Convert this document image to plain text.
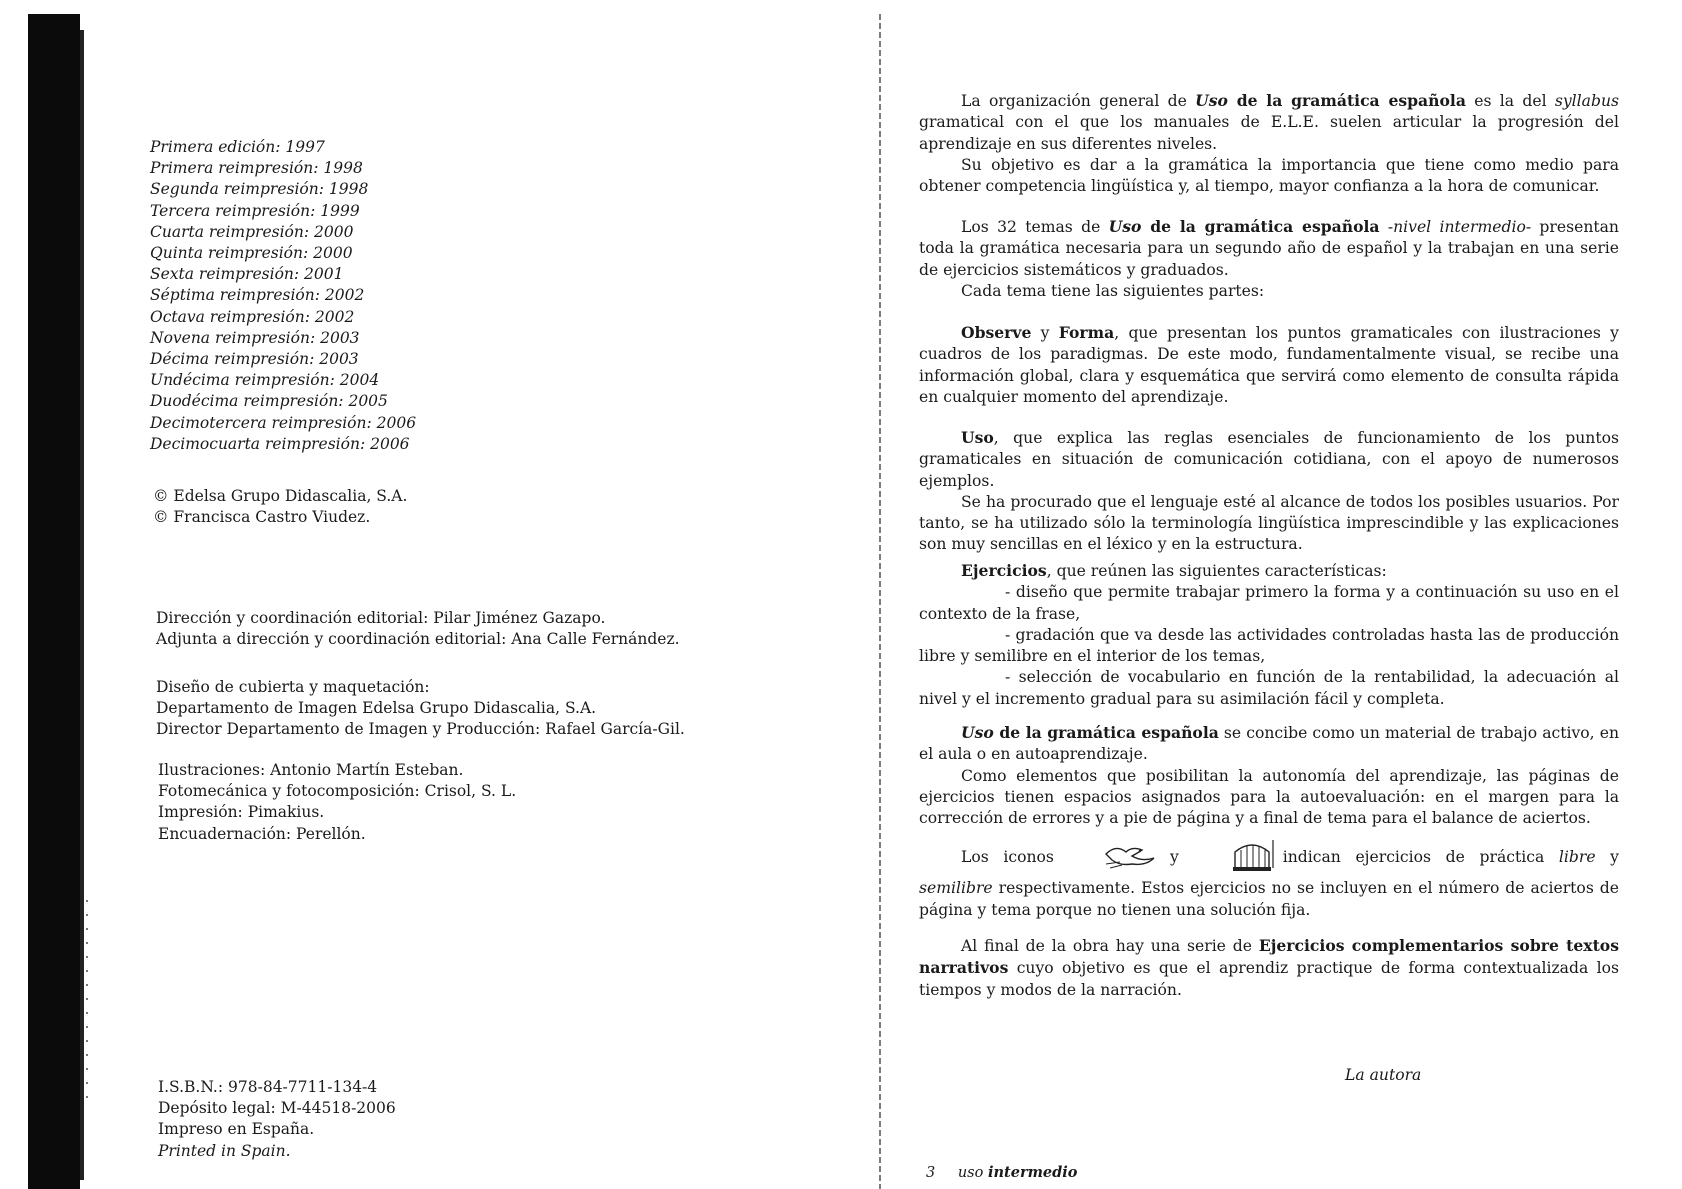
Primera edición: 1997
Primera reimpresión: 1998
Segunda reimpresión: 1998
Tercera reimpresión: 1999
Cuarta reimpresión: 2000
Quinta reimpresión: 2000
Sexta reimpresión: 2001
Séptima reimpresión: 2002
Octava reimpresión: 2002
Novena reimpresión: 2003
Décima reimpresión: 2003
Undécima reimpresión: 2004
Duodécima reimpresión: 2005
Decimotercera reimpresión: 2006
Decimocuarta reimpresión: 2006
© Edelsa Grupo Didascalia, S.A.
© Francisca Castro Viudez.
Dirección y coordinación editorial: Pilar Jiménez Gazapo.
Adjunta a dirección y coordinación editorial: Ana Calle Fernández.
Diseño de cubierta y maquetación:
Departamento de Imagen Edelsa Grupo Didascalia, S.A.
Director Departamento de Imagen y Producción: Rafael García-Gil.
Ilustraciones: Antonio Martín Esteban.
Fotomecánica y fotocomposición: Crisol, S. L.
Impresión: Pimakius.
Encuadernación: Perellón.
I.S.B.N.: 978-84-7711-134-4
Depósito legal: M-44518-2006
Impreso en España.
Printed in Spain.

La organización general de Uso de la gramática española es la del syllabus gramatical con el que los manuales de E.L.E. suelen articular la progresión del aprendizaje en sus diferentes niveles.

Su objetivo es dar a la gramática la importancia que tiene como medio para obtener competencia lingüística y, al tiempo, mayor confianza a la hora de comunicar.

Los 32 temas de Uso de la gramática española -nivel intermedio- presentan toda la gramática necesaria para un segundo año de español y la trabajan en una serie de ejercicios sistemáticos y graduados.

Cada tema tiene las siguientes partes:

Observe y Forma, que presentan los puntos gramaticales con ilustraciones y cuadros de los paradigmas. De este modo, fundamentalmente visual, se recibe una información global, clara y esquemática que servirá como elemento de consulta rápida en cualquier momento del aprendizaje.

Uso, que explica las reglas esenciales de funcionamiento de los puntos gramaticales en situación de comunicación cotidiana, con el apoyo de numerosos ejemplos.

Se ha procurado que el lenguaje esté al alcance de todos los posibles usuarios. Por tanto, se ha utilizado sólo la terminología lingüística imprescindible y las explicaciones son muy sencillas en el léxico y en la estructura.

Ejercicios, que reúnen las siguientes características:

- diseño que permite trabajar primero la forma y a continuación su uso en el contexto de la frase,

- gradación que va desde las actividades controladas hasta las de producción libre y semilibre en el interior de los temas,

- selección de vocabulario en función de la rentabilidad, la adecuación al nivel y el incremento gradual para su asimilación fácil y completa.

Uso de la gramática española se concibe como un material de trabajo activo, en el aula o en autoaprendizaje.

Como elementos que posibilitan la autonomía del aprendizaje, las páginas de ejercicios tienen espacios asignados para la autoevaluación: en el margen para la corrección de errores y a pie de página y a final de tema para el balance de aciertos.

Los iconos	y	indican ejercicios de práctica libre y semilibre respectivamente. Estos ejercicios no se incluyen en el número de aciertos de página y tema porque no tienen una solución fija.

Al final de la obra hay una serie de Ejercicios complementarios sobre textos narrativos cuyo objetivo es que el aprendiz practique de forma contextualizada los tiempos y modos de la narración.

La autora
3 uso intermedio
